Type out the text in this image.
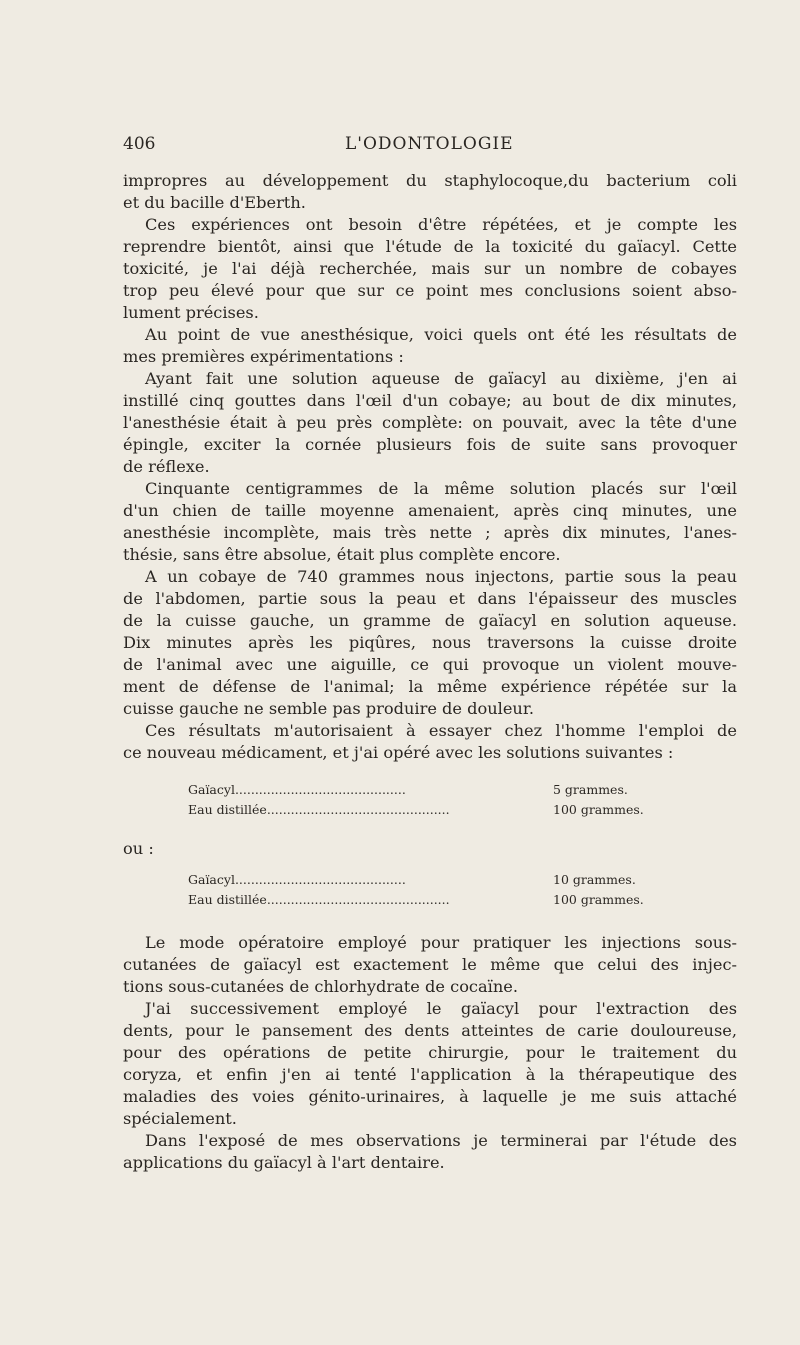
406	L'ODONTOLOGIE
impropres au développement du staphylocoque,du bacterium coli
et du bacille d'Eberth.
Ces expériences ont besoin d'être répétées, et je compte les
reprendre bientôt, ainsi que l'étude de la toxicité du gaïacyl. Cette
toxicité, je l'ai déjà recherchée, mais sur un nombre de cobayes
trop peu élevé pour que sur ce point mes conclusions soient abso-
lument précises.
Au point de vue anesthésique, voici quels ont été les résultats de
mes premières expérimentations :
Ayant fait une solution aqueuse de gaïacyl au dixième, j'en ai
instillé cinq gouttes dans l'œil d'un cobaye; au bout de dix minutes,
l'anesthésie était à peu près complète: on pouvait, avec la tête d'une
épingle, exciter la cornée plusieurs fois de suite sans provoquer
de réflexe.
Cinquante centigrammes de la même solution placés sur l'œil
d'un chien de taille moyenne amenaient, après cinq minutes, une
anesthésie incomplète, mais très nette ; après dix minutes, l'anes-
thésie, sans être absolue, était plus complète encore.
A un cobaye de 740 grammes nous injectons, partie sous la peau
de l'abdomen, partie sous la peau et dans l'épaisseur des muscles
de la cuisse gauche, un gramme de gaïacyl en solution aqueuse.
Dix minutes après les piqûres, nous traversons la cuisse droite
de l'animal avec une aiguille, ce qui provoque un violent mouve-
ment de défense de l'animal; la même expérience répétée sur la
cuisse gauche ne semble pas produire de douleur.
Ces résultats m'autorisaient à essayer chez l'homme l'emploi de
ce nouveau médicament, et j'ai opéré avec les solutions suivantes :
Gaïacyl...........................................	5 grammes.
Eau distillée..............................................	100 grammes.
ou :
Gaïacyl...........................................	10 grammes.
Eau distillée..............................................	100 grammes.
Le mode opératoire employé pour pratiquer les injections sous-
cutanées de gaïacyl est exactement le même que celui des injec-
tions sous-cutanées de chlorhydrate de cocaïne.
J'ai successivement employé le gaïacyl pour l'extraction des
dents, pour le pansement des dents atteintes de carie douloureuse,
pour des opérations de petite chirurgie, pour le traitement du
coryza, et enfin j'en ai tenté l'application à la thérapeutique des
maladies des voies génito-urinaires, à laquelle je me suis attaché
spécialement.
Dans l'exposé de mes observations je terminerai par l'étude des
applications du gaïacyl à l'art dentaire.
